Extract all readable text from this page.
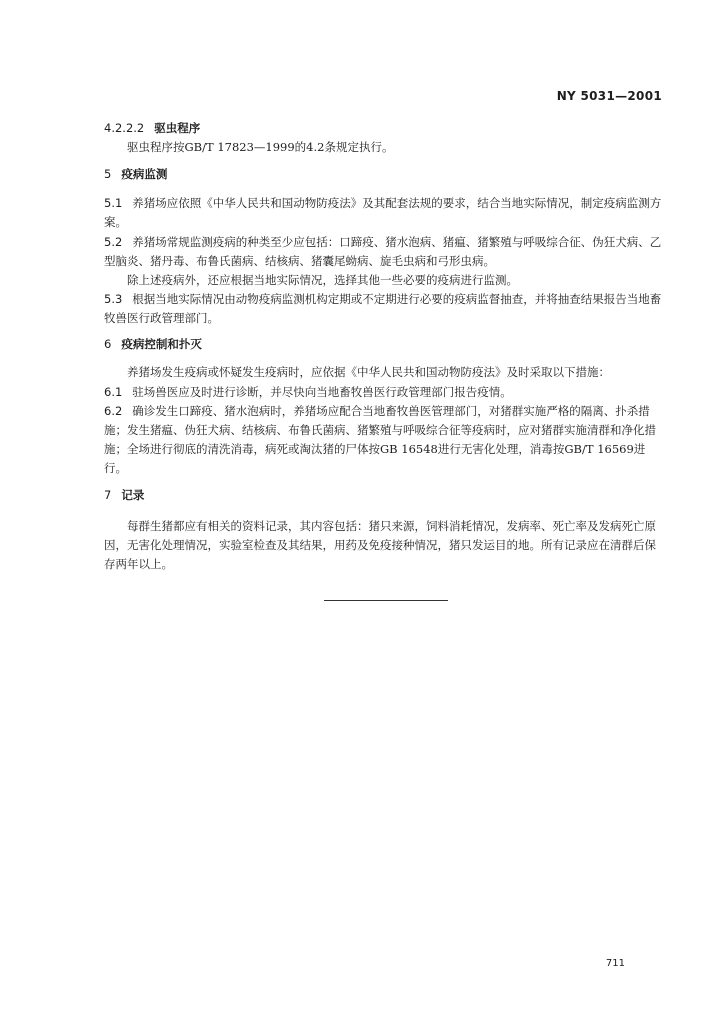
NY 5031—2001
4.2.2.2 驱虫程序
驱虫程序按GB/T 17823—1999的4.2条规定执行。
5 疫病监测
5.1 养猪场应依照《中华人民共和国动物防疫法》及其配套法规的要求，结合当地实际情况，制定疫病监测方案。
5.2 养猪场常规监测疫病的种类至少应包括：口蹄疫、猪水泡病、猪瘟、猪繁殖与呼吸综合征、伪狂犬病、乙型脑炎、猪丹毒、布鲁氏菌病、结核病、猪囊尾蚴病、旋毛虫病和弓形虫病。
除上述疫病外，还应根据当地实际情况，选择其他一些必要的疫病进行监测。
5.3 根据当地实际情况由动物疫病监测机构定期或不定期进行必要的疫病监督抽查，并将抽查结果报告当地畜牧兽医行政管理部门。
6 疫病控制和扑灭
养猪场发生疫病或怀疑发生疫病时，应依据《中华人民共和国动物防疫法》及时采取以下措施：
6.1 驻场兽医应及时进行诊断，并尽快向当地畜牧兽医行政管理部门报告疫情。
6.2 确诊发生口蹄疫、猪水泡病时，养猪场应配合当地畜牧兽医管理部门，对猪群实施严格的隔离、扑杀措施；发生猪瘟、伪狂犬病、结核病、布鲁氏菌病、猪繁殖与呼吸综合征等疫病时，应对猪群实施清群和净化措施；全场进行彻底的清洗消毒，病死或淘汰猪的尸体按GB 16548进行无害化处理，消毒按GB/T 16569进行。
7 记录
每群生猪都应有相关的资料记录，其内容包括：猪只来源，饲料消耗情况，发病率、死亡率及发病死亡原因，无害化处理情况，实验室检查及其结果，用药及免疫接种情况，猪只发运目的地。所有记录应在清群后保存两年以上。
711
